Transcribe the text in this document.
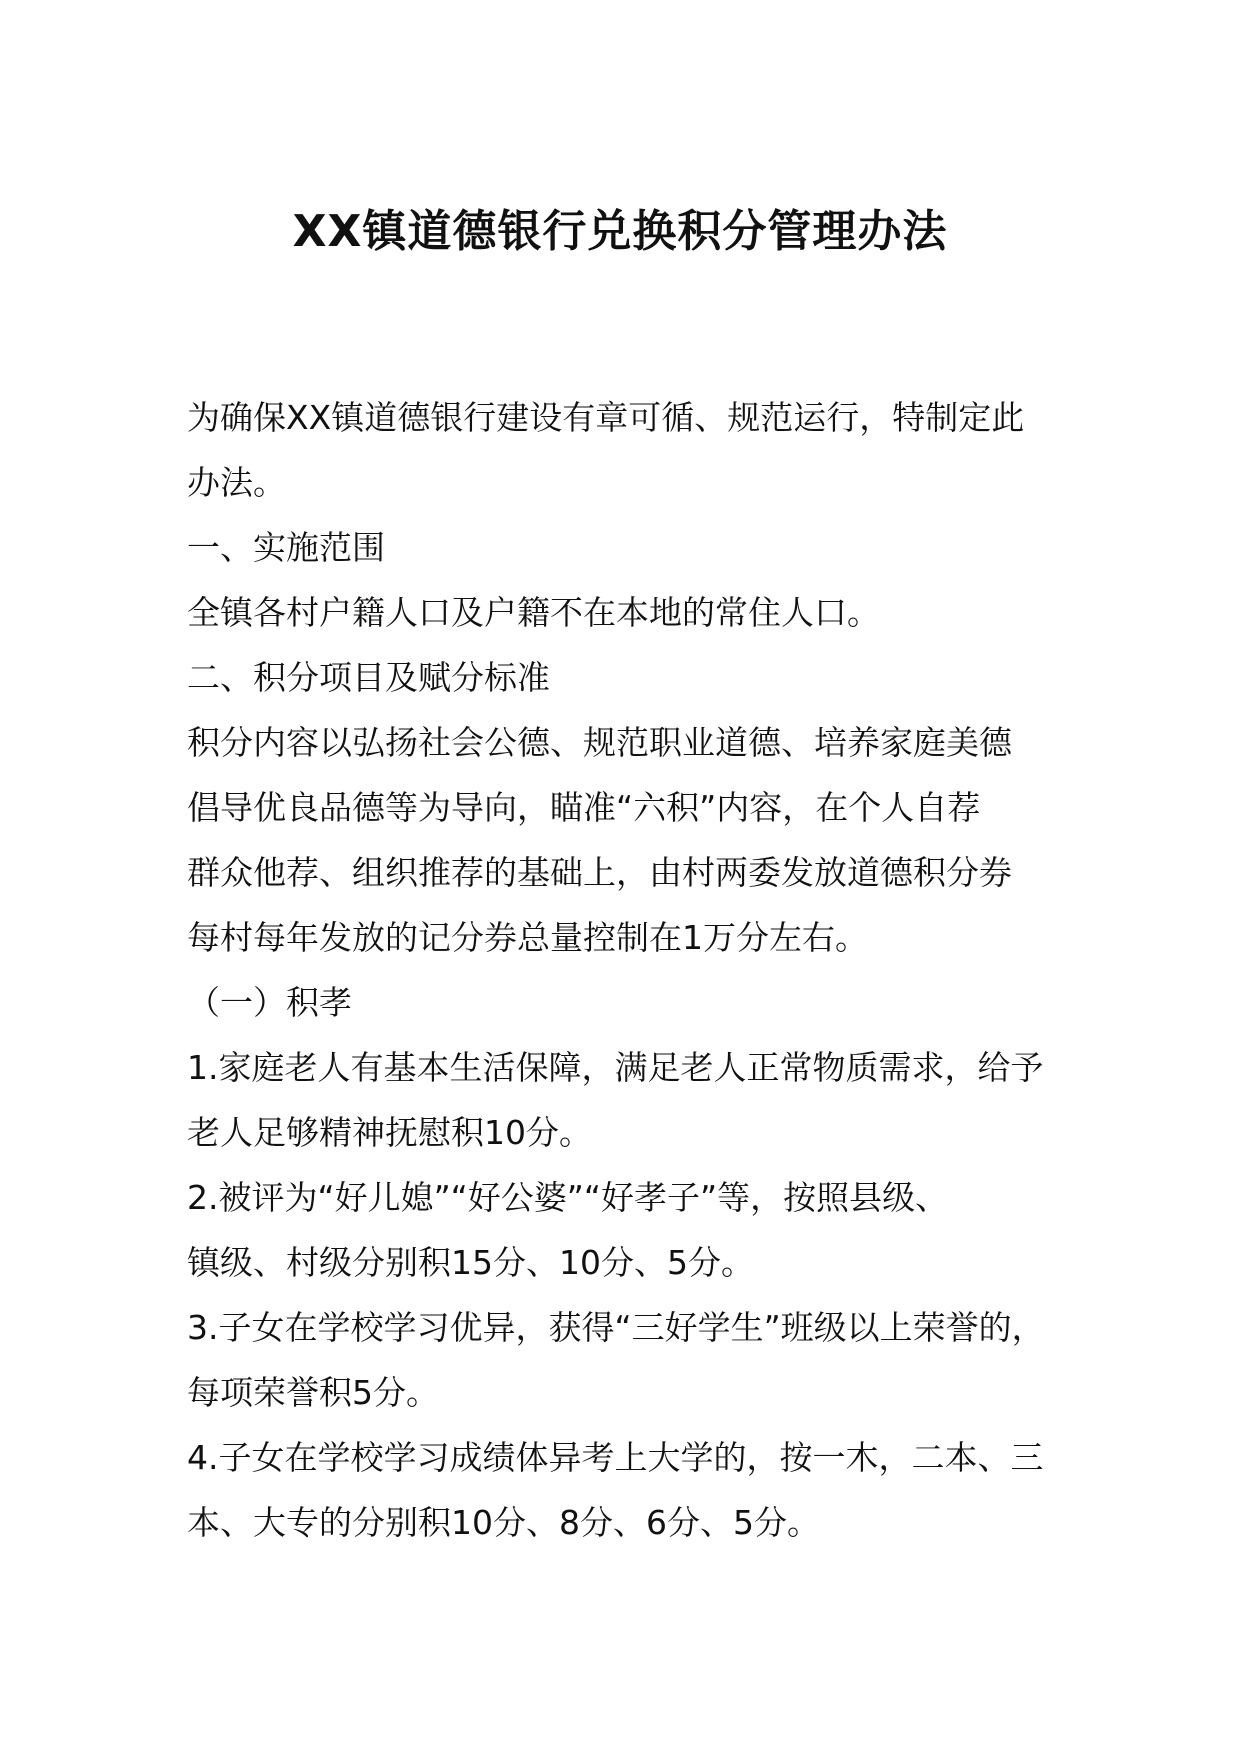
XX镇道德银行兑换积分管理办法

为确保XX镇道德银行建设有章可循、规范运行，特制定此

办法。

一、实施范围

全镇各村户籍人口及户籍不在本地的常住人口。

二、积分项目及赋分标准

积分内容以弘扬社会公德、规范职业道德、培养家庭美德

倡导优良品德等为导向，瞄准“六积”内容，在个人自荐

群众他荐、组织推荐的基础上，由村两委发放道德积分券

每村每年发放的记分券总量控制在1万分左右。

（一）积孝

1.家庭老人有基本生活保障，满足老人正常物质需求，给予

老人足够精神抚慰积10分。

2.被评为“好儿媳”“好公婆”“好孝子”等，按照县级、

镇级、村级分别积15分、10分、5分。

3.子女在学校学习优异，获得“三好学生”班级以上荣誉的，

每项荣誉积5分。

4.子女在学校学习成绩体异考上大学的，按一木，二本、三

本、大专的分别积10分、8分、6分、5分。
